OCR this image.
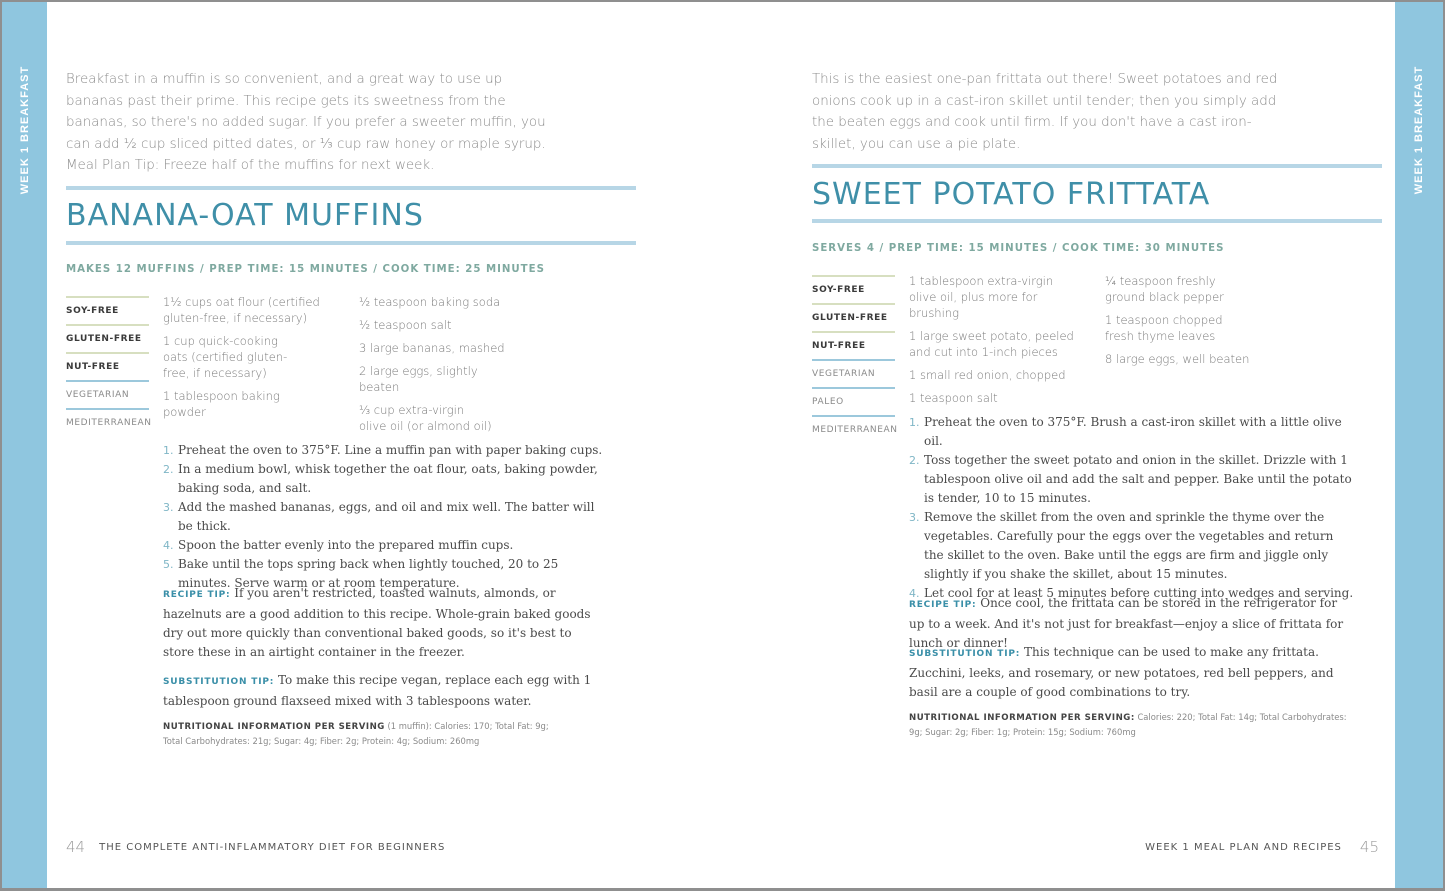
WEEK 1 BREAKFAST	Breakfast in a muffin is so convenient, and a great way to use up bananas past their prime. This recipe gets its sweetness from the bananas, so there's no added sugar. If you prefer a sweeter muffin, you can add ½ cup sliced pitted dates, or ⅓ cup raw honey or maple syrup. Meal Plan Tip: Freeze half of the muffins for next week.

BANANA-OAT MUFFINS
MAKES 12 MUFFINS / PREP TIME: 15 MINUTES / COOK TIME: 25 MINUTES
SOY-FREE
GLUTEN-FREE
NUT-FREE
VEGETARIAN
MEDITERRANEAN
1½ cups oat flour (certified gluten-free, if necessary)
1 cup quick-cooking oats (certified gluten-free, if necessary)
1 tablespoon baking powder
½ teaspoon baking soda
½ teaspoon salt
3 large bananas, mashed
2 large eggs, slightly beaten
⅓ cup extra-virgin olive oil (or almond oil)
1. Preheat the oven to 375°F. Line a muffin pan with paper baking cups.
2. In a medium bowl, whisk together the oat flour, oats, baking powder, baking soda, and salt.
3. Add the mashed bananas, eggs, and oil and mix well. The batter will be thick.
4. Spoon the batter evenly into the prepared muffin cups.
5. Bake until the tops spring back when lightly touched, 20 to 25 minutes. Serve warm or at room temperature.

RECIPE TIP: If you aren't restricted, toasted walnuts, almonds, or hazelnuts are a good addition to this recipe. Whole-grain baked goods dry out more quickly than conventional baked goods, so it's best to store these in an airtight container in the freezer.

SUBSTITUTION TIP: To make this recipe vegan, replace each egg with 1 tablespoon ground flaxseed mixed with 3 tablespoons water.

NUTRITIONAL INFORMATION PER SERVING (1 muffin): Calories: 170; Total Fat: 9g; Total Carbohydrates: 21g; Sugar: 4g; Fiber: 2g; Protein: 4g; Sodium: 260mg

44 THE COMPLETE ANTI-INFLAMMATORY DIET FOR BEGINNERS

This is the easiest one-pan frittata out there! Sweet potatoes and red onions cook up in a cast-iron skillet until tender; then you simply add the beaten eggs and cook until firm. If you don't have a cast iron-skillet, you can use a pie plate.

SWEET POTATO FRITTATA
SERVES 4 / PREP TIME: 15 MINUTES / COOK TIME: 30 MINUTES
SOY-FREE
GLUTEN-FREE
NUT-FREE
VEGETARIAN
PALEO
MEDITERRANEAN
1 tablespoon extra-virgin olive oil, plus more for brushing
1 large sweet potato, peeled and cut into 1-inch pieces
1 small red onion, chopped
1 teaspoon salt
¼ teaspoon freshly ground black pepper
1 teaspoon chopped fresh thyme leaves
8 large eggs, well beaten
1. Preheat the oven to 375°F. Brush a cast-iron skillet with a little olive oil.
2. Toss together the sweet potato and onion in the skillet. Drizzle with 1 tablespoon olive oil and add the salt and pepper. Bake until the potato is tender, 10 to 15 minutes.
3. Remove the skillet from the oven and sprinkle the thyme over the vegetables. Carefully pour the eggs over the vegetables and return the skillet to the oven. Bake until the eggs are firm and jiggle only slightly if you shake the skillet, about 15 minutes.
4. Let cool for at least 5 minutes before cutting into wedges and serving.

RECIPE TIP: Once cool, the frittata can be stored in the refrigerator for up to a week. And it's not just for breakfast—enjoy a slice of frittata for lunch or dinner!

SUBSTITUTION TIP: This technique can be used to make any frittata. Zucchini, leeks, and rosemary, or new potatoes, red bell peppers, and basil are a couple of good combinations to try.

NUTRITIONAL INFORMATION PER SERVING: Calories: 220; Total Fat: 14g; Total Carbohydrates: 9g; Sugar: 2g; Fiber: 1g; Protein: 15g; Sodium: 760mg

WEEK 1 MEAL PLAN AND RECIPES 45
WEEK 1 BREAKFAST
